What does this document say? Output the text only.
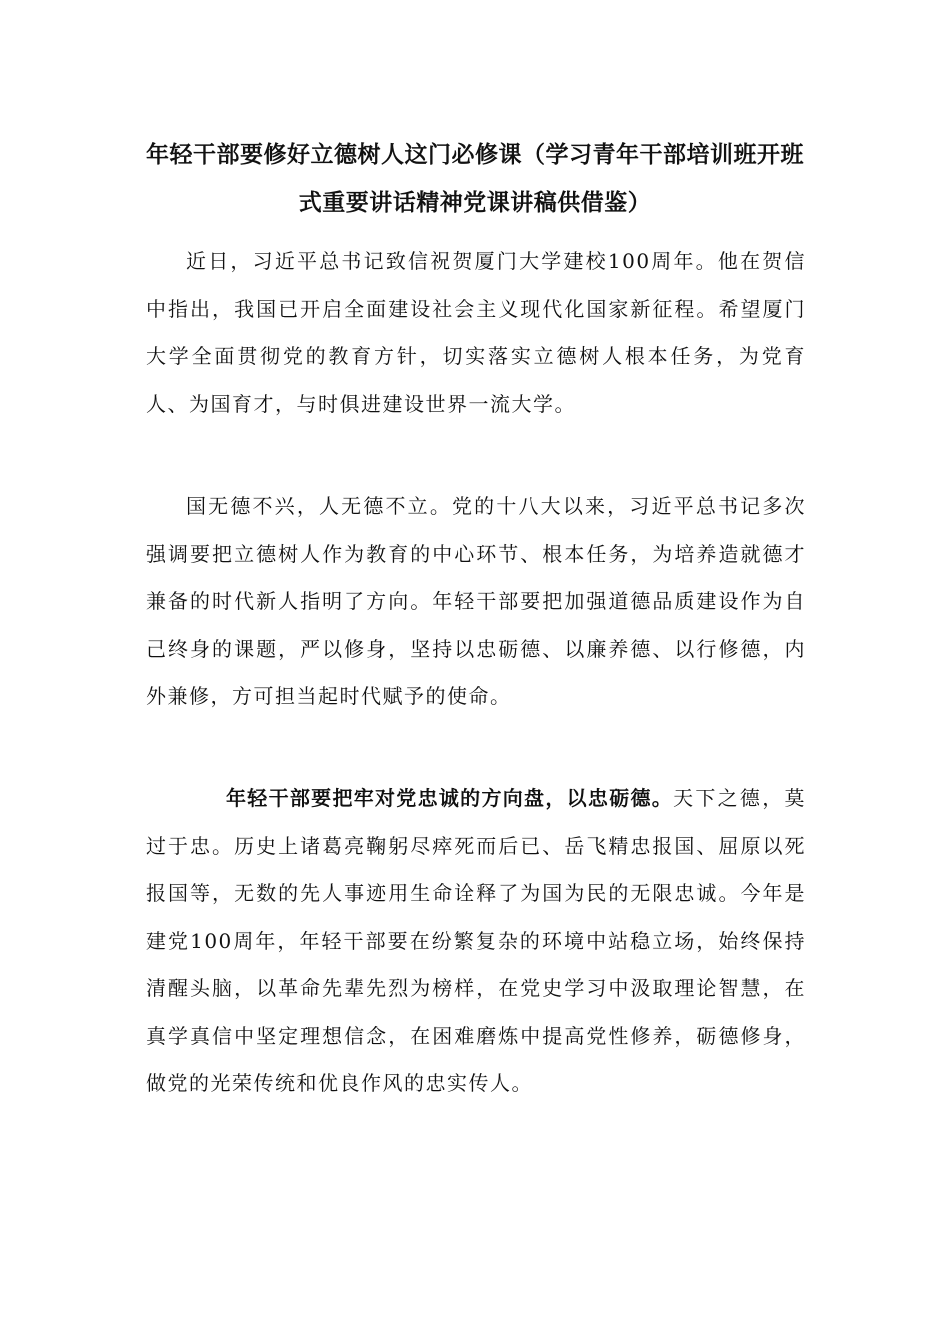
年轻干部要修好立德树人这门必修课（学习青年干部培训班开班式重要讲话精神党课讲稿供借鉴）

近日，习近平总书记致信祝贺厦门大学建校100周年。他在贺信中指出，我国已开启全面建设社会主义现代化国家新征程。希望厦门大学全面贯彻党的教育方针，切实落实立德树人根本任务，为党育人、为国育才，与时俱进建设世界一流大学。

国无德不兴，人无德不立。党的十八大以来，习近平总书记多次强调要把立德树人作为教育的中心环节、根本任务，为培养造就德才兼备的时代新人指明了方向。年轻干部要把加强道德品质建设作为自己终身的课题，严以修身，坚持以忠砺德、以廉养德、以行修德，内外兼修，方可担当起时代赋予的使命。

年轻干部要把牢对党忠诚的方向盘，以忠砺德。天下之德，莫过于忠。历史上诸葛亮鞠躬尽瘁死而后已、岳飞精忠报国、屈原以死报国等，无数的先人事迹用生命诠释了为国为民的无限忠诚。今年是建党100周年，年轻干部要在纷繁复杂的环境中站稳立场，始终保持清醒头脑，以革命先辈先烈为榜样，在党史学习中汲取理论智慧，在真学真信中坚定理想信念，在困难磨炼中提高党性修养，砺德修身，做党的光荣传统和优良作风的忠实传人。
